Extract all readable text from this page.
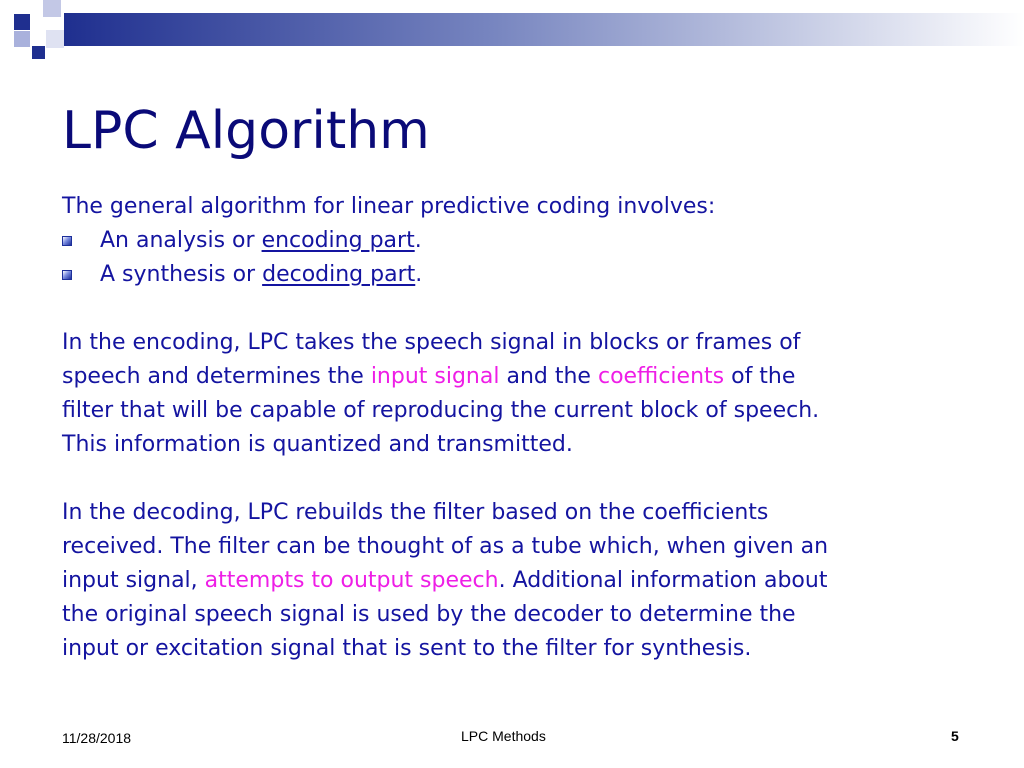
LPC Algorithm

The general algorithm for linear predictive coding involves:

An analysis or encoding part.

A synthesis or decoding part.

In the encoding, LPC takes the speech signal in blocks or frames of

speech and determines the input signal and the coefficients of the

filter that will be capable of reproducing the current block of speech.

This information is quantized and transmitted.

In the decoding, LPC rebuilds the filter based on the coefficients

received. The filter can be thought of as a tube which, when given an

input signal, attempts to output speech. Additional information about

the original speech signal is used by the decoder to determine the

input or excitation signal that is sent to the filter for synthesis.

11/28/2018	LPC Methods	5
